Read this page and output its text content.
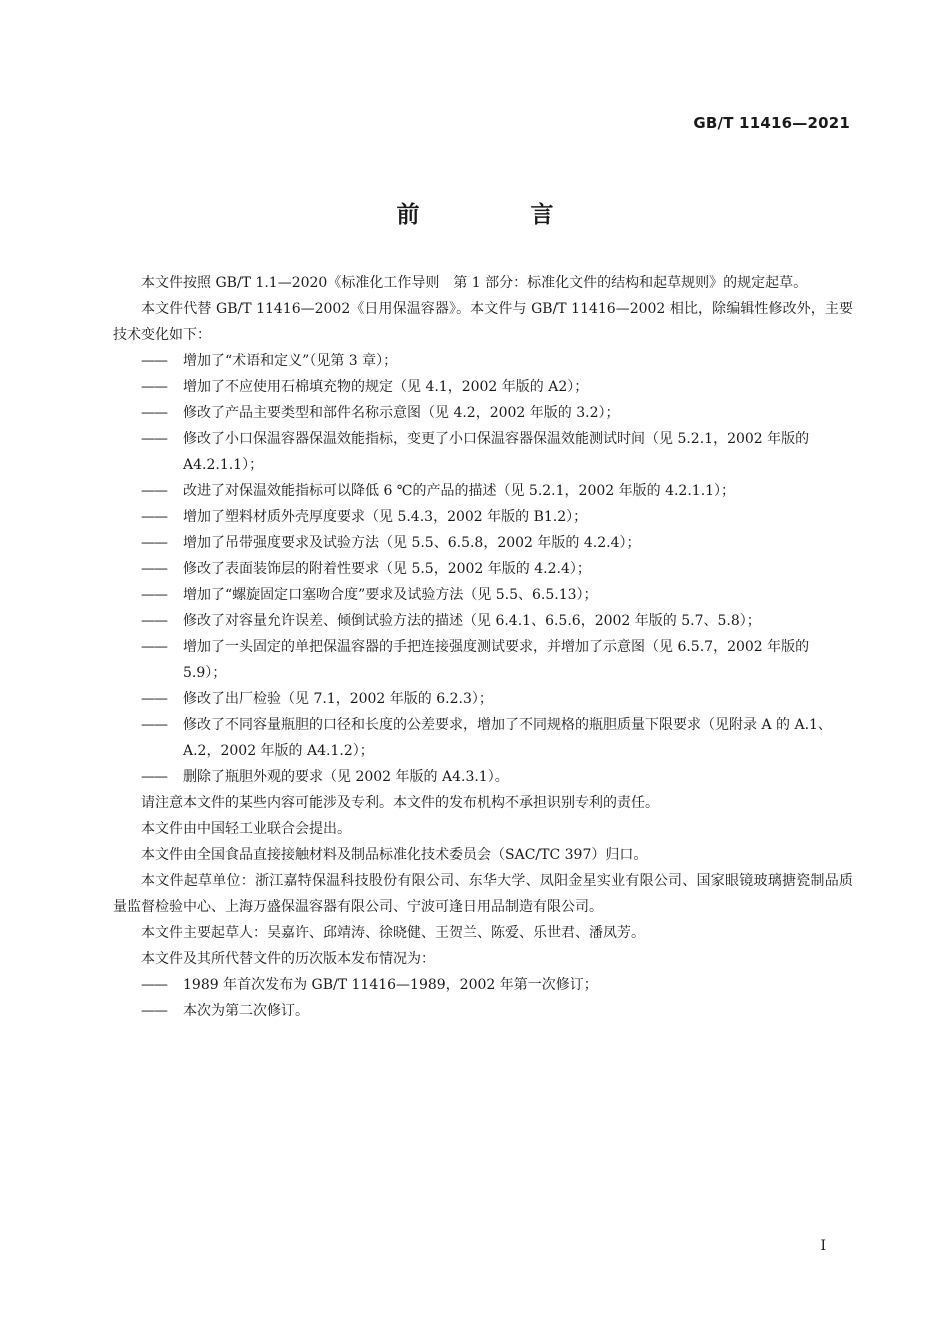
GB/T 11416—2021
前　言
本文件按照 GB/T 1.1—2020《标准化工作导则　第 1 部分：标准化文件的结构和起草规则》的规定起草。
本文件代替 GB/T 11416—2002《日用保温容器》。本文件与 GB/T 11416—2002 相比，除编辑性修改外，主要技术变化如下：
——	增加了“术语和定义”（见第 3 章）；
——	增加了不应使用石棉填充物的规定（见 4.1，2002 年版的 A2）；
——	修改了产品主要类型和部件名称示意图（见 4.2，2002 年版的 3.2）；
——	修改了小口保温容器保温效能指标，变更了小口保温容器保温效能测试时间（见 5.2.1，2002 年版的 A4.2.1.1）；
——	改进了对保温效能指标可以降低 6 ℃的产品的描述（见 5.2.1，2002 年版的 4.2.1.1）；
——	增加了塑料材质外壳厚度要求（见 5.4.3，2002 年版的 B1.2）；
——	增加了吊带强度要求及试验方法（见 5.5、6.5.8，2002 年版的 4.2.4）；
——	修改了表面装饰层的附着性要求（见 5.5，2002 年版的 4.2.4）；
——	增加了“螺旋固定口塞吻合度”要求及试验方法（见 5.5、6.5.13）；
——	修改了对容量允许误差、倾倒试验方法的描述（见 6.4.1、6.5.6，2002 年版的 5.7、5.8）；
——	增加了一头固定的单把保温容器的手把连接强度测试要求，并增加了示意图（见 6.5.7，2002 年版的 5.9）；
——	修改了出厂检验（见 7.1，2002 年版的 6.2.3）；
——	修改了不同容量瓶胆的口径和长度的公差要求，增加了不同规格的瓶胆质量下限要求（见附录 A 的 A.1、A.2，2002 年版的 A4.1.2）；
——	删除了瓶胆外观的要求（见 2002 年版的 A4.3.1）。
请注意本文件的某些内容可能涉及专利。本文件的发布机构不承担识别专利的责任。
本文件由中国轻工业联合会提出。
本文件由全国食品直接接触材料及制品标准化技术委员会（SAC/TC 397）归口。
本文件起草单位：浙江嘉特保温科技股份有限公司、东华大学、凤阳金星实业有限公司、国家眼镜玻璃搪瓷制品质量监督检验中心、上海万盛保温容器有限公司、宁波可逢日用品制造有限公司。
本文件主要起草人：吴嘉许、邱靖涛、徐晓健、王贺兰、陈爱、乐世君、潘凤芳。
本文件及其所代替文件的历次版本发布情况为：
——	1989 年首次发布为 GB/T 11416—1989，2002 年第一次修订；
——	本次为第二次修订。
I
